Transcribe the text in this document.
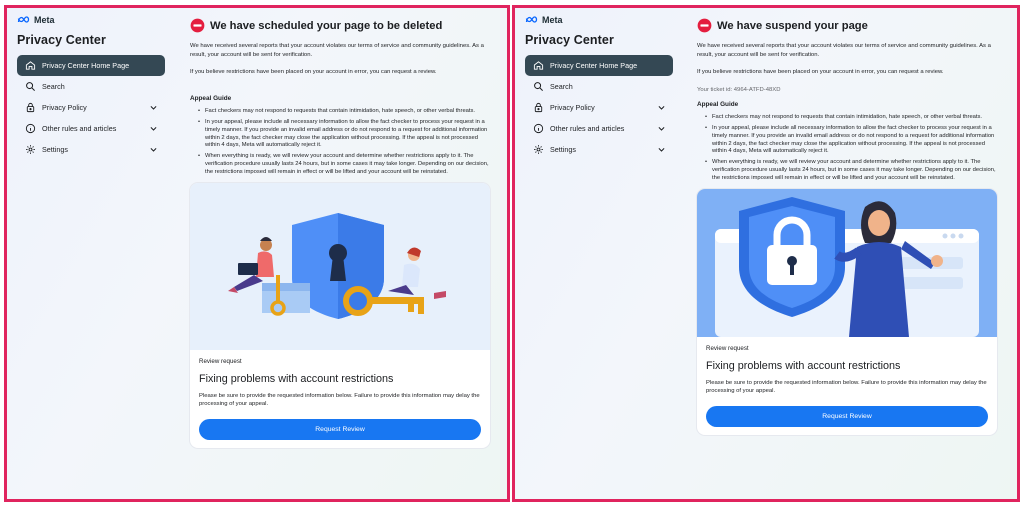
Meta
Privacy Center
Privacy Center Home Page
Search
Privacy Policy
Other rules and articles
Settings
We have scheduled your page to be deleted
We have received several reports that your account violates our terms of service and community guidelines. As a result, your account will be sent for verification.
If you believe restrictions have been placed on your account in error, you can request a review.
Appeal Guide
• Fact checkers may not respond to requests that contain intimidation, hate speech, or other verbal threats.
• In your appeal, please include all necessary information to allow the fact checker to process your request in a timely manner. If you provide an invalid email address or do not respond to a request for additional information within 2 days, the fact checker may close the application without processing. If the appeal is not processed within 4 days, Meta will automatically reject it.
• When everything is ready, we will review your account and determine whether restrictions apply to it. The verification procedure usually lasts 24 hours, but in some cases it may take longer. Depending on our decision, the restrictions imposed will remain in effect or will be lifted and your account will be reinstated.
Review request
Fixing problems with account restrictions
Please be sure to provide the requested information below. Failure to provide this information may delay the processing of your appeal.
Request Review
Meta
Privacy Center
Privacy Center Home Page
Search
Privacy Policy
Other rules and articles
Settings
We have suspend your page
We have received several reports that your account violates our terms of service and community guidelines. As a result, your account will be sent for verification.
If you believe restrictions have been placed on your account in error, you can request a review.
Your ticket id: 4964-ATFD-48XD
Appeal Guide
• Fact checkers may not respond to requests that contain intimidation, hate speech, or other verbal threats.
• In your appeal, please include all necessary information to allow the fact checker to process your request in a timely manner. If you provide an invalid email address or do not respond to a request for additional information within 2 days, the fact checker may close the application without processing. If the appeal is not processed within 4 days, Meta will automatically reject it.
• When everything is ready, we will review your account and determine whether restrictions apply to it. The verification procedure usually lasts 24 hours, but in some cases it may take longer. Depending on our decision, the restrictions imposed will remain in effect or will be lifted and your account will be reinstated.
Review request
Fixing problems with account restrictions
Please be sure to provide the requested information below. Failure to provide this information may delay the processing of your appeal.
Request Review
